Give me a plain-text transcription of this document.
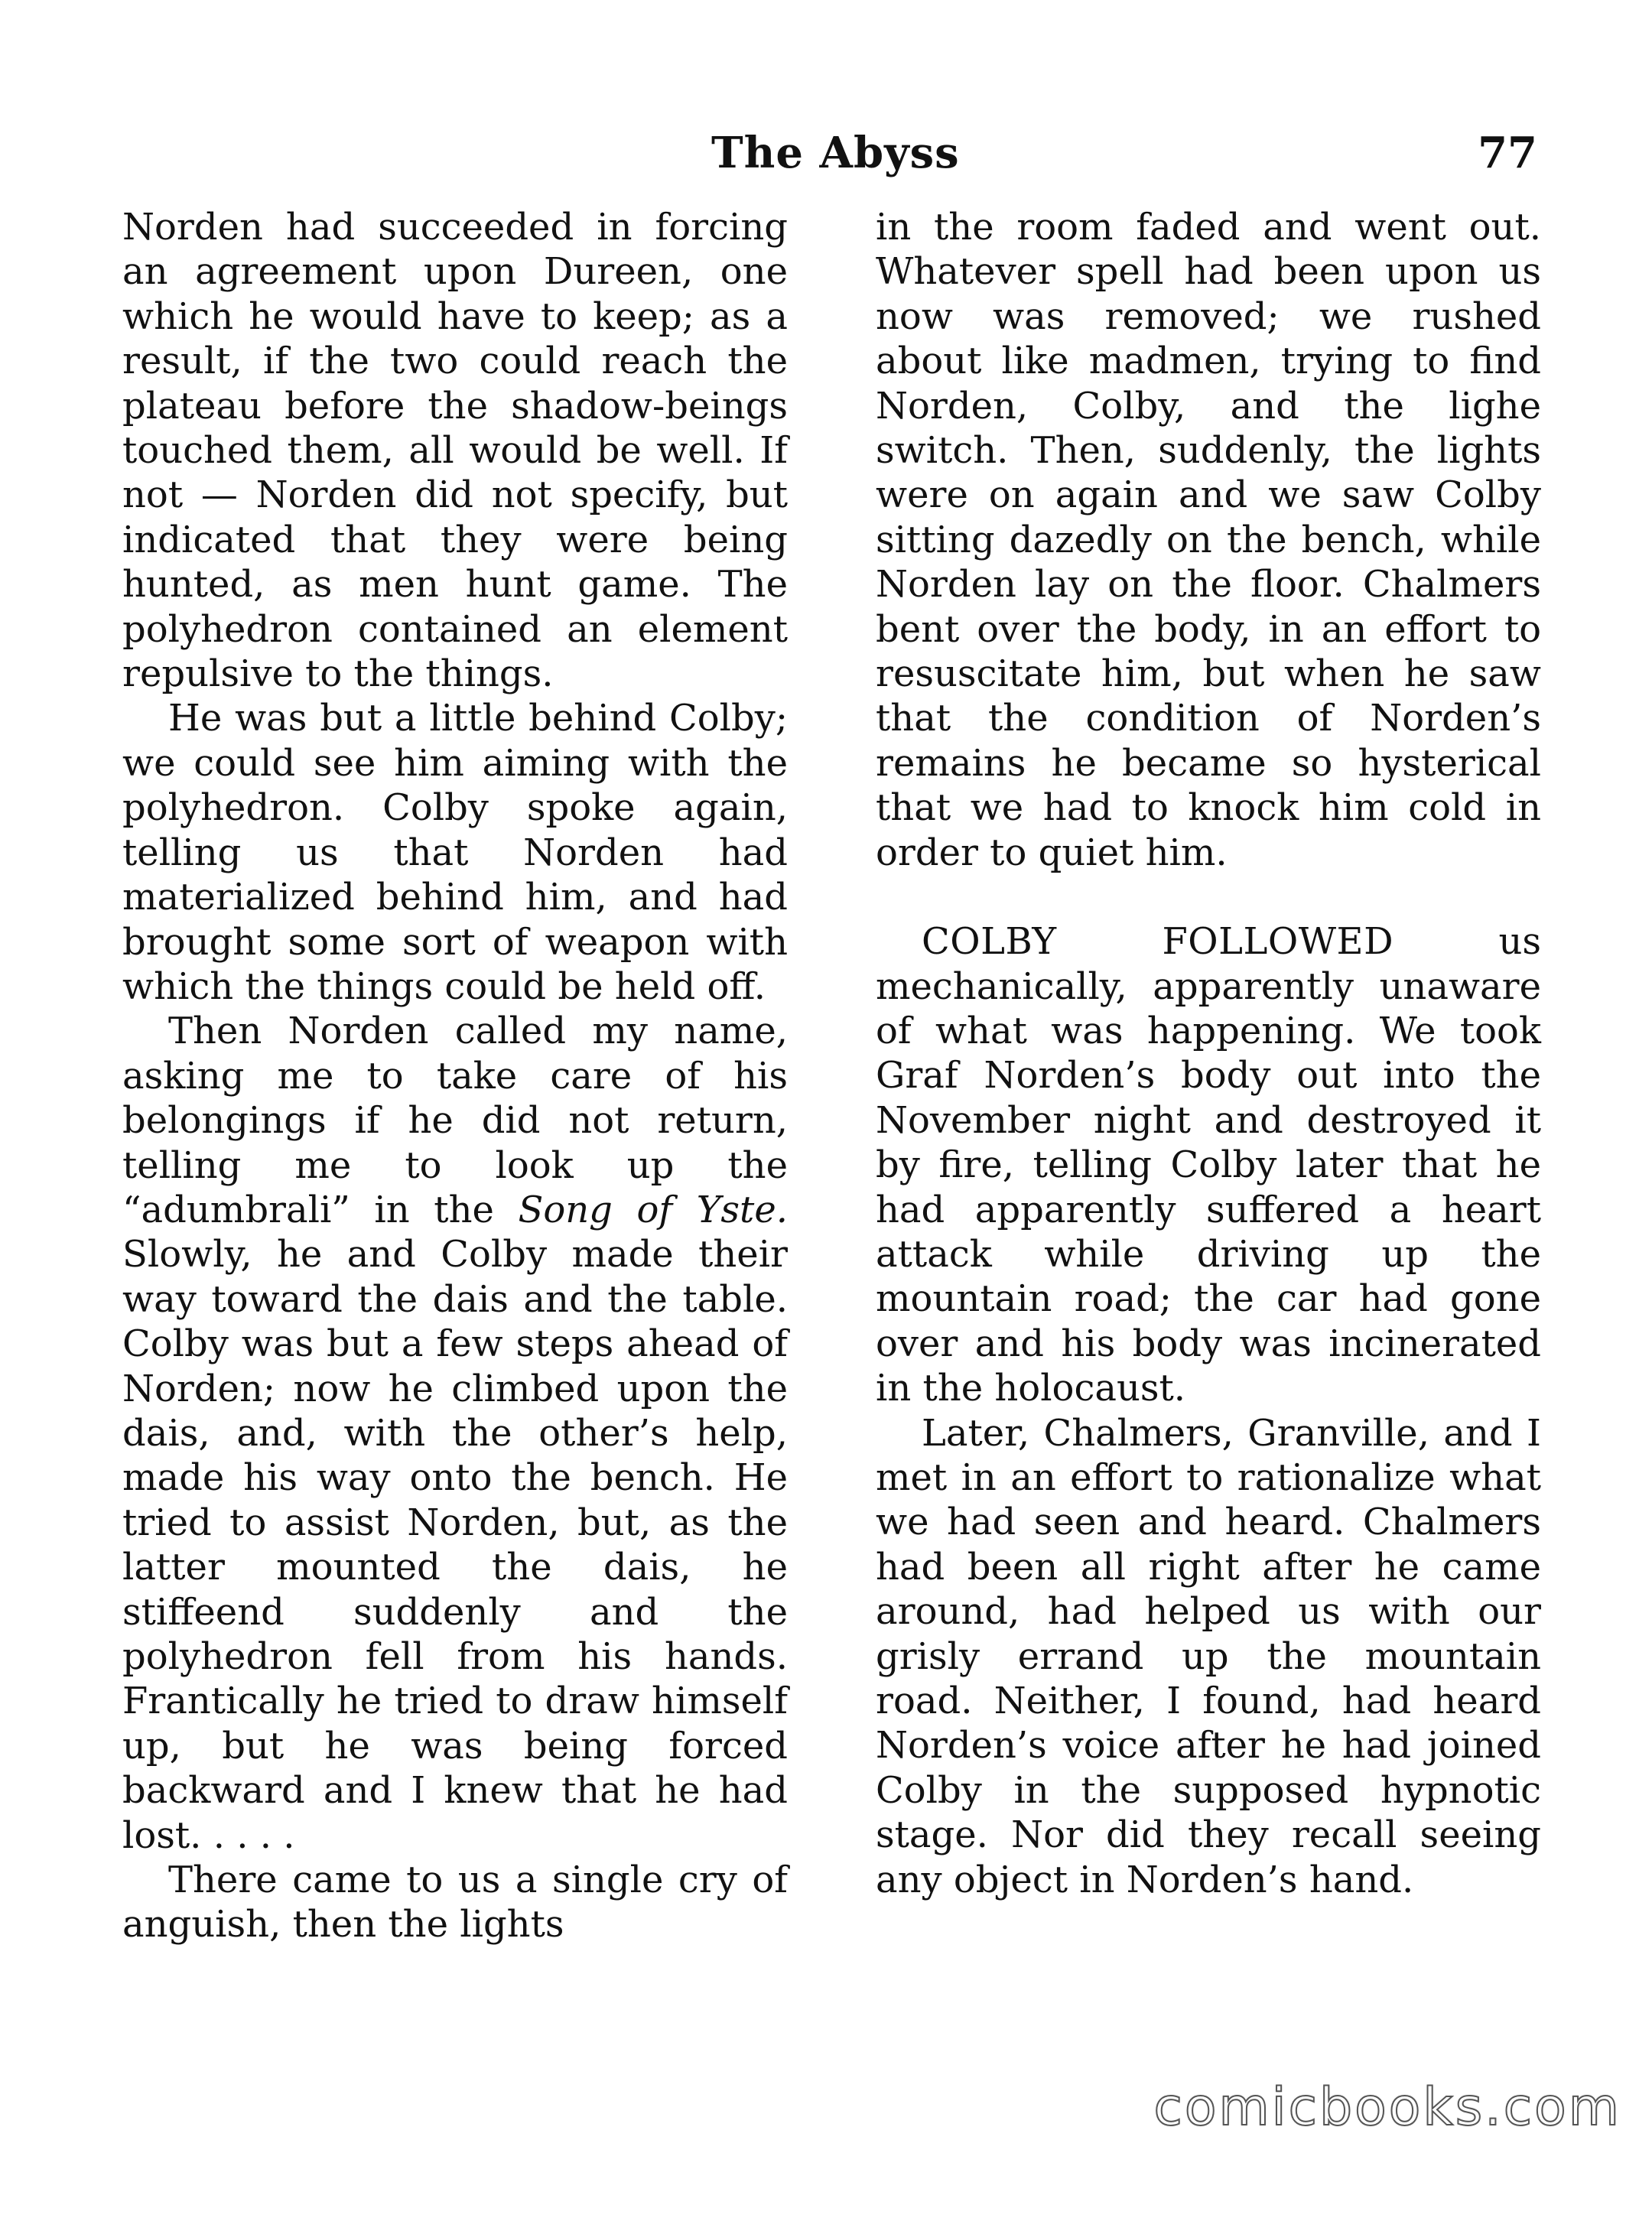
The Abyss	77

Norden had succeeded in forcing an agreement upon Dureen, one which he would have to keep; as a result, if the two could reach the plateau before the shadow-beings touched them, all would be well. If not — Norden did not specify, but indicated that they were being hunted, as men hunt game. The polyhedron contained an element repulsive to the things.

He was but a little behind Colby; we could see him aiming with the polyhedron. Colby spoke again, telling us that Norden had materialized behind him, and had brought some sort of weapon with which the things could be held off.

Then Norden called my name, asking me to take care of his belongings if he did not return, telling me to look up the “adumbrali” in the Song of Yste. Slowly, he and Colby made their way toward the dais and the table. Colby was but a few steps ahead of Norden; now he climbed upon the dais, and, with the other’s help, made his way onto the bench. He tried to assist Norden, but, as the latter mounted the dais, he stiffeend suddenly and the polyhedron fell from his hands. Frantically he tried to draw himself up, but he was being forced backward and I knew that he had lost. . . . .

There came to us a single cry of anguish, then the lights

in the room faded and went out. Whatever spell had been upon us now was removed; we rushed about like madmen, trying to find Norden, Colby, and the lighe switch. Then, suddenly, the lights were on again and we saw Colby sitting dazedly on the bench, while Norden lay on the floor. Chalmers bent over the body, in an effort to resuscitate him, but when he saw that the condition of Norden’s remains he became so hysterical that we had to knock him cold in order to quiet him.

COLBY FOLLOWED us mechanically, apparently unaware of what was happening. We took Graf Norden’s body out into the November night and destroyed it by fire, telling Colby later that he had apparently suffered a heart attack while driving up the mountain road; the car had gone over and his body was incinerated in the holocaust.

Later, Chalmers, Granville, and I met in an effort to rationalize what we had seen and heard. Chalmers had been all right after he came around, had helped us with our grisly errand up the mountain road. Neither, I found, had heard Norden’s voice after he had joined Colby in the supposed hypnotic stage. Nor did they recall seeing any object in Norden’s hand.

comicbooks.com
